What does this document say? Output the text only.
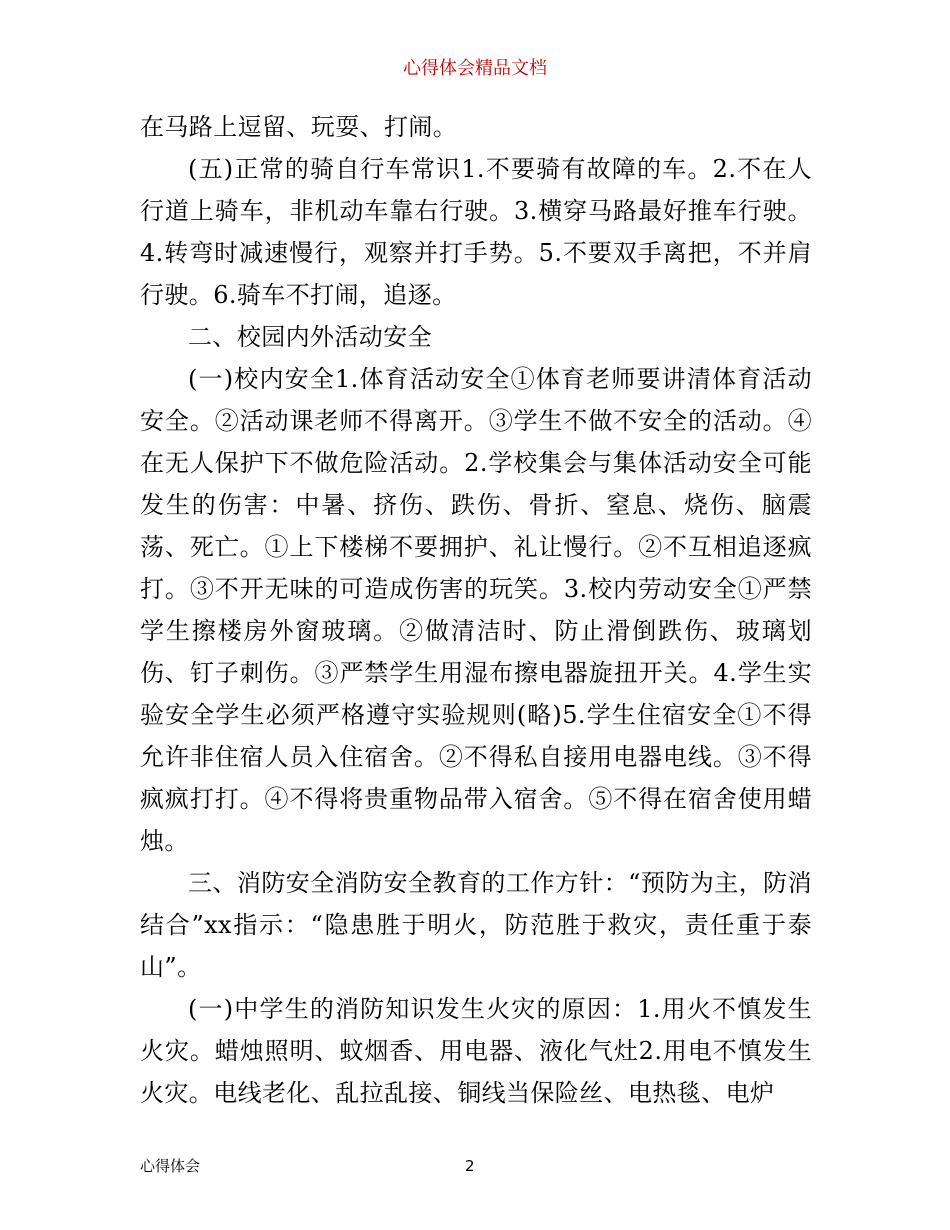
心得体会精品文档

在马路上逗留、玩耍、打闹。

(五)正常的骑自行车常识1.不要骑有故障的车。2.不在人行道上骑车，非机动车靠右行驶。3.横穿马路最好推车行驶。4.转弯时减速慢行，观察并打手势。5.不要双手离把，不并肩行驶。6.骑车不打闹，追逐。

二、校园内外活动安全

(一)校内安全1.体育活动安全①体育老师要讲清体育活动安全。②活动课老师不得离开。③学生不做不安全的活动。④在无人保护下不做危险活动。2.学校集会与集体活动安全可能发生的伤害：中暑、挤伤、跌伤、骨折、窒息、烧伤、脑震荡、死亡。①上下楼梯不要拥护、礼让慢行。②不互相追逐疯打。③不开无味的可造成伤害的玩笑。3.校内劳动安全①严禁学生擦楼房外窗玻璃。②做清洁时、防止滑倒跌伤、玻璃划伤、钉子刺伤。③严禁学生用湿布擦电器旋扭开关。4.学生实验安全学生必须严格遵守实验规则(略)5.学生住宿安全①不得允许非住宿人员入住宿舍。②不得私自接用电器电线。③不得疯疯打打。④不得将贵重物品带入宿舍。⑤不得在宿舍使用蜡烛。

三、消防安全消防安全教育的工作方针：“预防为主，防消结合”xx指示：“隐患胜于明火，防范胜于救灾，责任重于泰山”。

(一)中学生的消防知识发生火灾的原因：1.用火不慎发生火灾。蜡烛照明、蚊烟香、用电器、液化气灶2.用电不慎发生火灾。电线老化、乱拉乱接、铜线当保险丝、电热毯、电炉

心得体会	2
